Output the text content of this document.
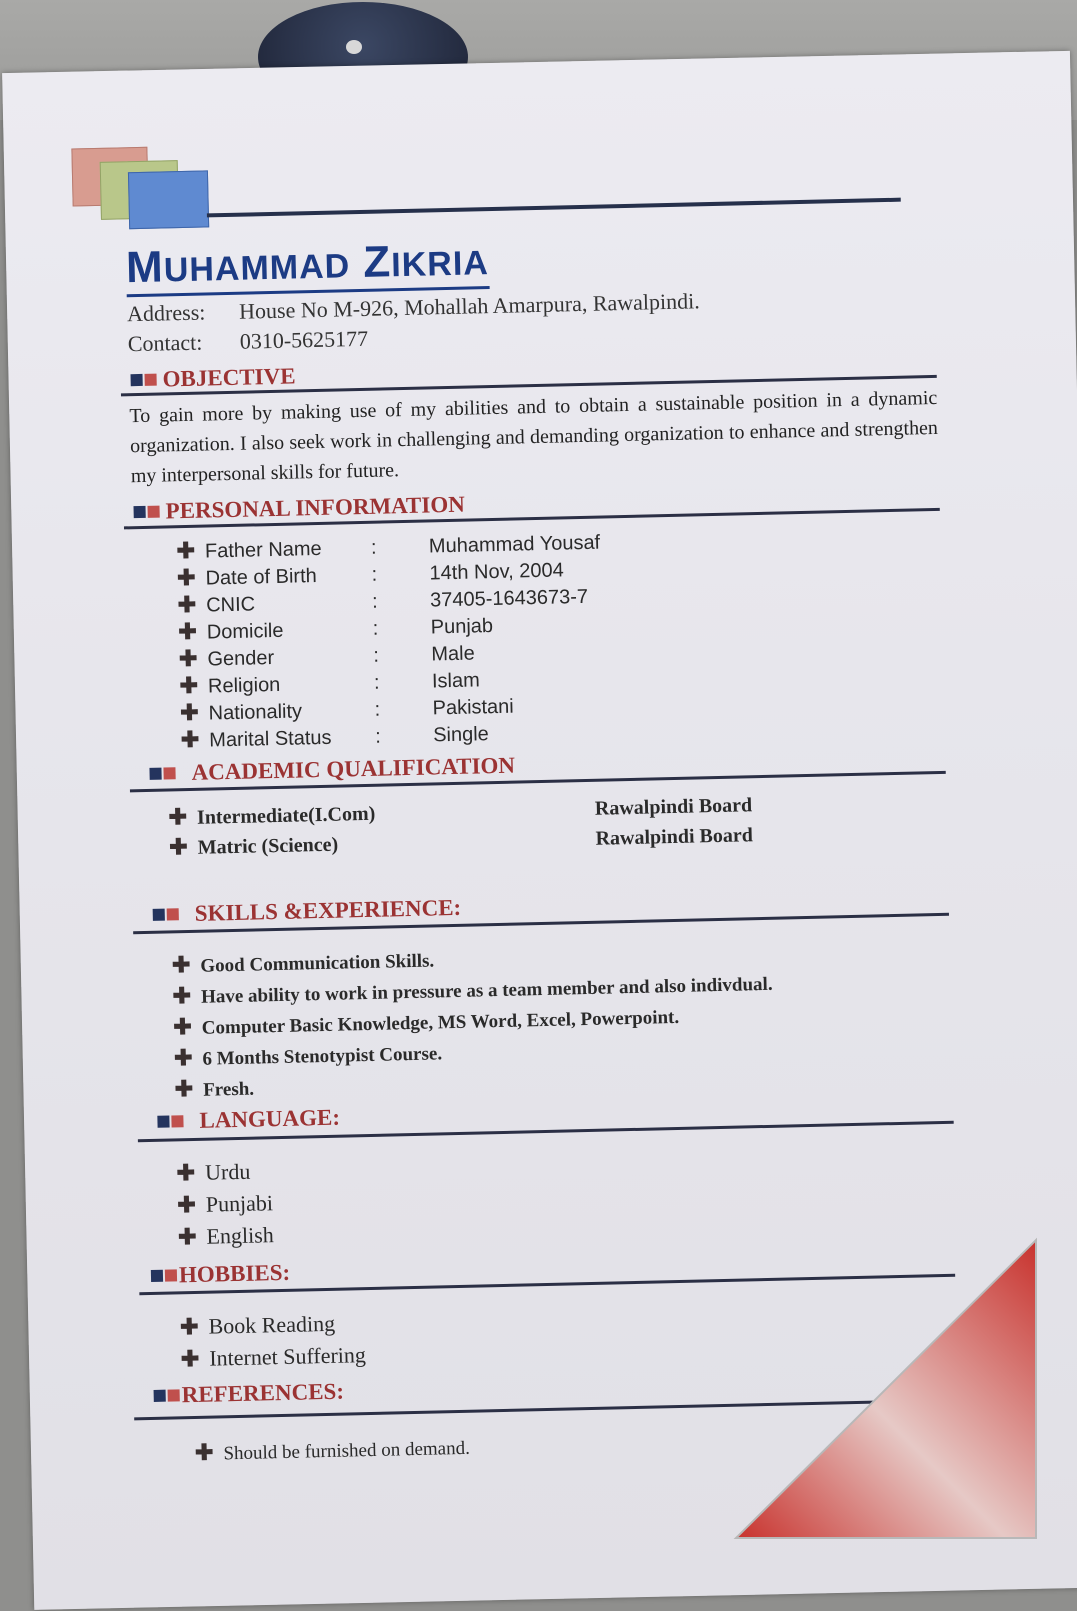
MUHAMMAD ZIKRIA
Address: House No M-926, Mohallah Amarpura, Rawalpindi.
Contact: 0310-5625177
OBJECTIVE
To gain more by making use of my abilities and to obtain a sustainable position in a dynamic organization. I also seek work in challenging and demanding organization to enhance and strengthen my interpersonal skills for future.
PERSONAL INFORMATION
✚ Father Name :	Muhammad Yousaf
✚ Date of Birth	:	14th Nov, 2004
✚ CNIC	:	37405-1643673-7
✚ Domicile	:	Punjab
✚ Gender	:	Male
✚ Religion	:	Islam
✚ Nationality	:	Pakistani
✚ Marital Status :	Single
ACADEMIC QUALIFICATION
✚ Intermediate(I.Com)	Rawalpindi Board
✚ Matric (Science)	Rawalpindi Board
SKILLS &EXPERIENCE:
✚ Good Communication Skills.
✚ Have ability to work in pressure as a team member and also indivdual.
✚ Computer Basic Knowledge, MS Word, Excel, Powerpoint.
✚ 6 Months Stenotypist Course.
✚ Fresh.
LANGUAGE:
✚ Urdu
✚ Punjabi
✚ English
HOBBIES:
✚ Book Reading
✚ Internet Suffering
REFERENCES:
✚ Should be furnished on demand.
